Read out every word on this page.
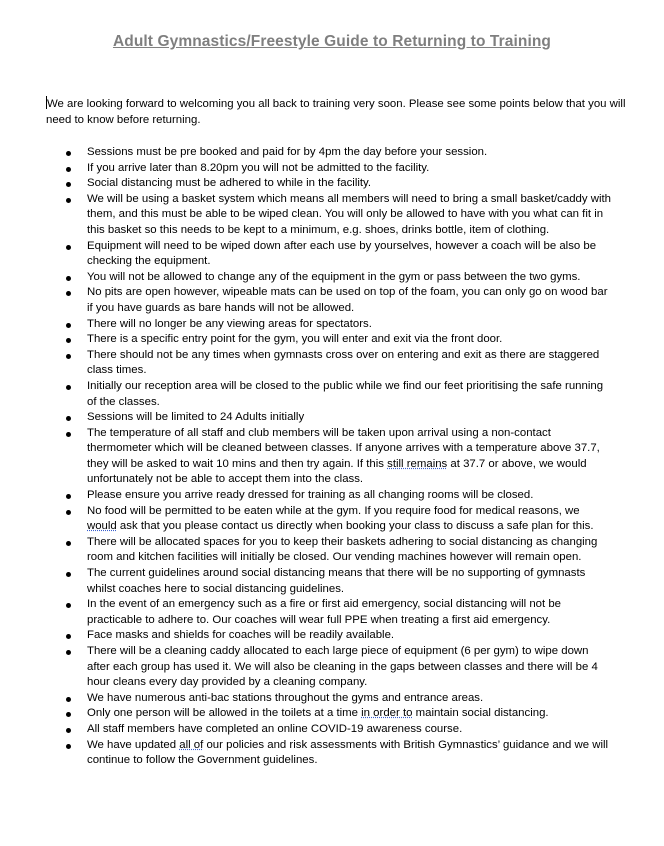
Adult Gymnastics/Freestyle Guide to Returning to Training
We are looking forward to welcoming you all back to training very soon. Please see some points below that you will need to know before returning.
Sessions must be pre booked and paid for by 4pm the day before your session.
If you arrive later than 8.20pm you will not be admitted to the facility.
Social distancing must be adhered to while in the facility.
We will be using a basket system which means all members will need to bring a small basket/caddy with them, and this must be able to be wiped clean. You will only be allowed to have with you what can fit in this basket so this needs to be kept to a minimum, e.g. shoes, drinks bottle, item of clothing.
Equipment will need to be wiped down after each use by yourselves, however a coach will be also be checking the equipment.
You will not be allowed to change any of the equipment in the gym or pass between the two gyms.
No pits are open however, wipeable mats can be used on top of the foam, you can only go on wood bar if you have guards as bare hands will not be allowed.
There will no longer be any viewing areas for spectators.
There is a specific entry point for the gym, you will enter and exit via the front door.
There should not be any times when gymnasts cross over on entering and exit as there are staggered class times.
Initially our reception area will be closed to the public while we find our feet prioritising the safe running of the classes.
Sessions will be limited to 24 Adults initially
The temperature of all staff and club members will be taken upon arrival using a non-contact thermometer which will be cleaned between classes. If anyone arrives with a temperature above 37.7, they will be asked to wait 10 mins and then try again. If this still remains at 37.7 or above, we would unfortunately not be able to accept them into the class.
Please ensure you arrive ready dressed for training as all changing rooms will be closed.
No food will be permitted to be eaten while at the gym. If you require food for medical reasons, we would ask that you please contact us directly when booking your class to discuss a safe plan for this.
There will be allocated spaces for you to keep their baskets adhering to social distancing as changing room and kitchen facilities will initially be closed. Our vending machines however will remain open.
The current guidelines around social distancing means that there will be no supporting of gymnasts whilst coaches here to social distancing guidelines.
In the event of an emergency such as a fire or first aid emergency, social distancing will not be practicable to adhere to. Our coaches will wear full PPE when treating a first aid emergency.
Face masks and shields for coaches will be readily available.
There will be a cleaning caddy allocated to each large piece of equipment (6 per gym) to wipe down after each group has used it. We will also be cleaning in the gaps between classes and there will be 4 hour cleans every day provided by a cleaning company.
We have numerous anti-bac stations throughout the gyms and entrance areas.
Only one person will be allowed in the toilets at a time in order to maintain social distancing.
All staff members have completed an online COVID-19 awareness course.
We have updated all of our policies and risk assessments with British Gymnastics’ guidance and we will continue to follow the Government guidelines.
